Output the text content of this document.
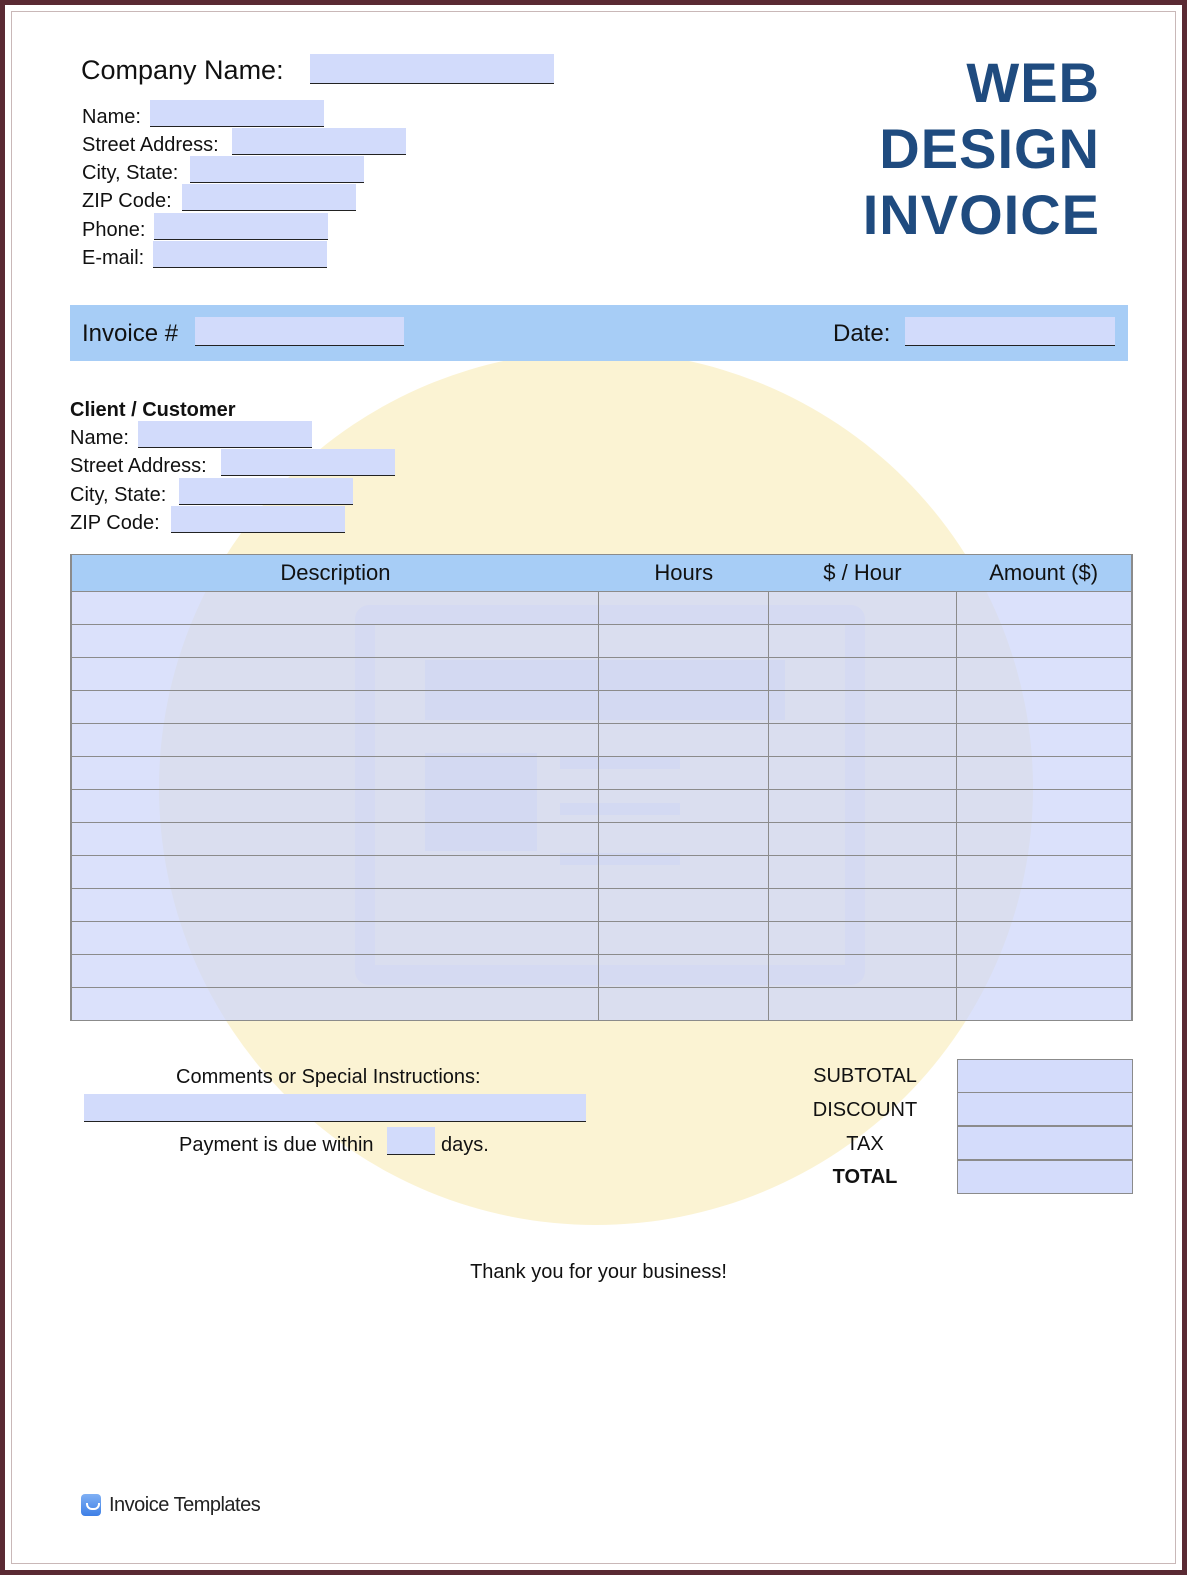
Company Name:
Name:
Street Address:
City, State:
ZIP Code:
Phone:
E-mail:
WEB
DESIGN
INVOICE
Invoice #	Date:
Client / Customer
Name:
Street Address:
City, State:
ZIP Code:
Description	Hours	$ / Hour	Amount ($)

Comments or Special Instructions:
Payment is due within	days.
SUBTOTAL
DISCOUNT
TAX
TOTAL
Thank you for your business!
Invoice Templates
